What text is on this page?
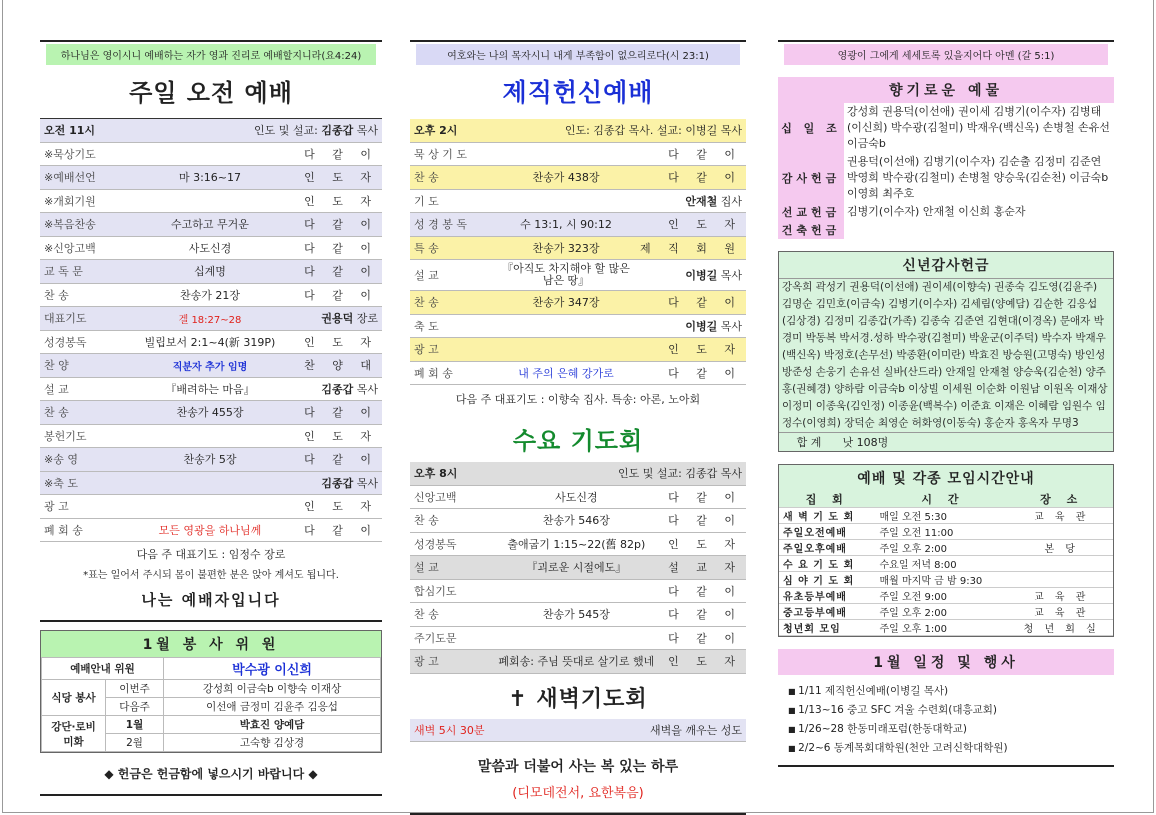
하나님은 영이시니 예배하는 자가 영과 진리로 예배할지니라(요4:24)
주일 오전 예배
오전 11시	인도 및 설교: 김종갑 목사
※묵상기도		다 같 이
※예배선언	마 3:16~17	인 도 자
※개회기원		인 도 자
※복음찬송	수고하고 무거운	다 같 이
※신앙고백	사도신경	다 같 이
교 독 문	십계명	다 같 이
찬 송	찬송가 21장	다 같 이
대표기도	겔 18:27~28	권용덕 장로
성경봉독	빌립보서 2:1~4(新 319P)	인 도 자
찬 양	직분자 추가 임명	찬 양 대
설 교	『배려하는 마음』	김종갑 목사
찬 송	찬송가 455장	다 같 이
봉헌기도		인 도 자
※송 영	찬송가 5장	다 같 이
※축 도		김종갑 목사
광 고		인 도 자
폐 회 송	모든 영광을 하나님께	다 같 이
다음 주 대표기도 : 임정수 장로
*표는 일어서 주시되 몸이 불편한 분은 앉아 계셔도 됩니다.
나는 예배자입니다
1월 봉 사 위 원
예배안내 위원		박수광 이신희
식당 봉사	이번주	강성희 이금숙b 이향숙 이재상
	다음주	이선애 금정미 김윤주 김응섭
강단·로비 미화	1월	박효진 양예담
	2월	고숙향 김상경
◆ 헌금은 헌금함에 넣으시기 바랍니다 ◆
여호와는 나의 목자시니 내게 부족함이 없으리로다(시 23:1)
제직헌신예배
오후 2시	인도: 김종갑 목사. 설교: 이병길 목사
묵 상 기 도		다 같 이
찬 송	찬송가 438장	다 같 이
기 도		안재철 집사
성 경 봉 독	수 13:1, 시 90:12	인 도 자
특 송	찬송가 323장	제 직 회 원
설 교	『아직도 차지해야 할 많은 남은 땅』	이병길 목사
찬 송	찬송가 347장	다 같 이
축 도		이병길 목사
광 고		인 도 자
폐 회 송	내 주의 은혜 강가로	다 같 이
다음 주 대표기도 : 이향숙 집사. 특송: 아론, 노아회
수요 기도회
오후 8시	인도 및 설교: 김종갑 목사
신앙고백	사도신경	다 같 이
찬 송	찬송가 546장	다 같 이
성경봉독	출애굽기 1:15~22(舊 82p)	인 도 자
설 교	『괴로운 시절에도』	설 교 자
합심기도		다 같 이
찬 송	찬송가 545장	다 같 이
주기도문		다 같 이
광 고	폐회송: 주님 뜻대로 살기로 했네	인 도 자
✝ 새벽기도회
새벽 5시 30분	새벽을 깨우는 성도
말씀과 더불어 사는 복 있는 하루
(디모데전서, 요한복음)
영광이 그에게 세세토록 있을지어다 아멘 (갈 5:1)
향기로운 예물
십 일 조	강성희 권용덕(이선애) 권이세 김병기(이수자) 김병태(이신희) 박수광(김철미) 박재우(백신옥) 손병철 손유선 이금숙b
감사헌금	권용덕(이선애) 김병기(이수자) 김순출 김정미 김준연 박영희 박수광(김철미) 손병철 양승욱(김순천) 이금숙b 이영희 최주호
선교헌금	김병기(이수자) 안재철 이신희 홍순자
건축헌금	
신년감사헌금
강옥희 곽성기 권용덕(이선애) 권이세(이향숙) 권종숙 김도영(김윤주) 김명순 김민호(이금숙) 김병기(이수자) 김세림(양예담) 김순한 김응섭(김상경) 김정미 김종갑(가족) 김종숙 김준연 김현대(이경옥) 문애자 박경미 박동복 박서경.성하 박수광(김철미) 박윤군(이주덕) 박수자 박재우(백신옥) 박정호(손무선) 박종환(이미란) 박효진 방승원(고명숙) 방인성 방준성 손웅기 손유선 실바(산드라) 안재일 안재철 양승욱(김순천) 양주홍(권혜경) 양하람 이금숙b 이상빌 이세원 이순화 이원남 이원옥 이재상 이정미 이종욱(김인정) 이종윤(백복수) 이준효 이재은 이혜람 임원수 임정수(이영희) 장덕순 최영순 허화영(이동숙) 홍순자 홍옥자 무명3
합 계 낫 108명
예배 및 각종 모임시간안내
집 회	시 간	장 소
새 벽 기 도 회	매일 오전 5:30	교 육 관
주일오전예배	주일 오전 11:00	
주일오후예배	주일 오후 2:00	본 당
수 요 기 도 회	수요일 저녁 8:00	
심 야 기 도 회	매월 마지막 금 밤 9:30	
유초등부예배	주일 오전 9:00	교 육 관
중고등부예배	주일 오후 2:00	교 육 관
청년회 모임	주일 오후 1:00	청 년 회 실
1월 일정 및 행사
■ 1/11 제직헌신예배(이병길 목사)
■ 1/13~16 중고 SFC 겨울 수련회(대흥교회)
■ 1/26~28 한동미래포럼(한동대학교)
■ 2/2~6 동계목회대학원(천안 고려신학대학원)
